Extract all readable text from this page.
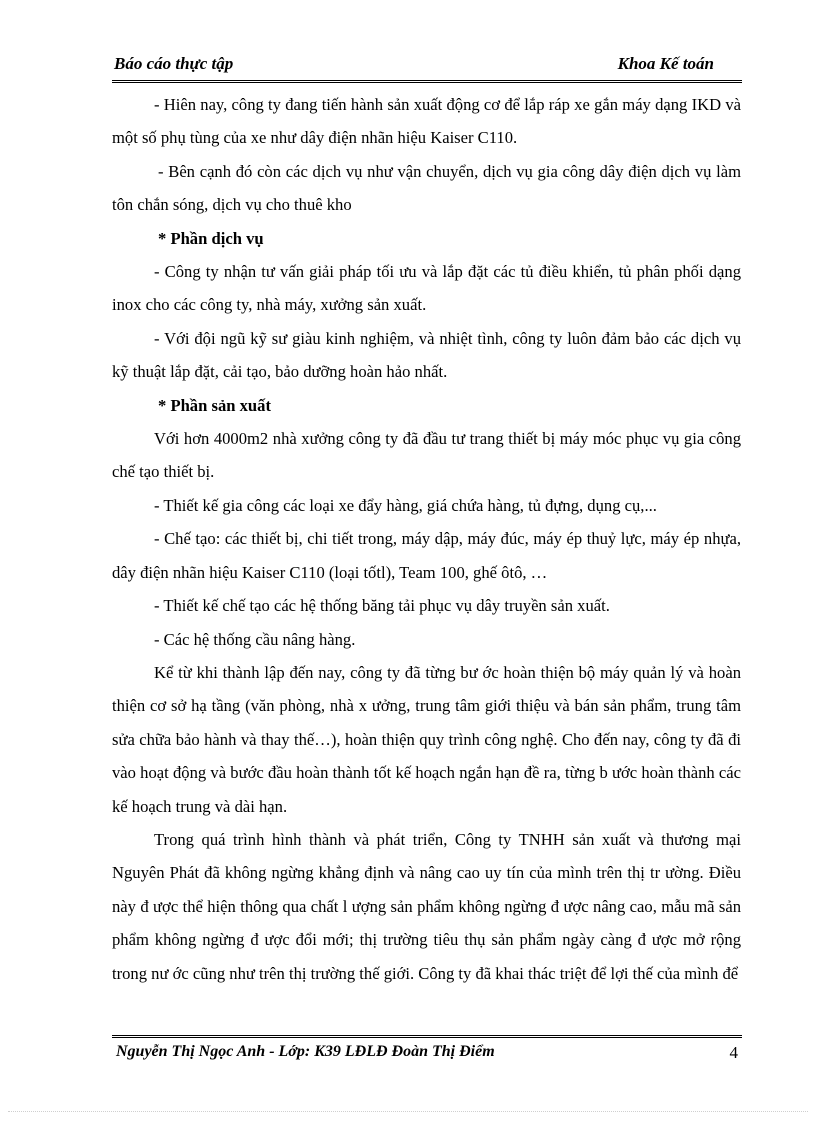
Báo cáo thực tập	Khoa Kế toán

- Hiên nay, công ty đang tiến hành sản xuất động cơ để lắp ráp xe gắn máy dạng IKD và một số phụ tùng của xe như dây điện nhãn hiệu Kaiser C110.

- Bên cạnh đó còn các dịch vụ như vận chuyển, dịch vụ gia công dây điện dịch vụ làm tôn chắn sóng, dịch vụ cho thuê kho

* Phần dịch vụ

- Công ty nhận tư vấn giải pháp tối ưu và lắp đặt các tủ điều khiển, tủ phân phối dạng inox cho các công ty, nhà máy, xưởng sản xuất.

- Với đội ngũ kỹ sư giàu kinh nghiệm, và nhiệt tình, công ty luôn đảm bảo các dịch vụ kỹ thuật lắp đặt, cải tạo, bảo dưỡng hoàn hảo nhất.

* Phần sản xuất

Với hơn 4000m2 nhà xưởng công ty đã đầu tư trang thiết bị máy móc phục vụ gia công chế tạo thiết bị.

- Thiết kế gia công các loại xe đẩy hàng, giá chứa hàng, tủ đựng, dụng cụ,...

- Chế tạo: các thiết bị, chi tiết trong, máy dập, máy đúc, máy ép thuỷ lực, máy ép nhựa, dây điện nhãn hiệu Kaiser C110 (loại tốtl), Team 100, ghế ôtô, …

- Thiết kế chế tạo các hệ thống băng tải phục vụ dây truyền sản xuất.

- Các hệ thống cầu nâng hàng.

Kể từ khi thành lập đến nay, công ty đã từng bư ớc hoàn thiện bộ máy quản lý và hoàn thiện cơ sở hạ tầng (văn phòng, nhà x ưởng, trung tâm giới thiệu và bán sản phẩm, trung tâm sửa chữa bảo hành và thay thế…), hoàn thiện quy trình công nghệ. Cho đến nay, công ty đã đi vào hoạt động và bước đầu hoàn thành tốt kế hoạch ngắn hạn đề ra, từng b ước hoàn thành các kế hoạch trung và dài hạn.

Trong quá trình hình thành và phát triển, Công ty TNHH sản xuất và thương mại Nguyên Phát đã không ngừng khẳng định và nâng cao uy tín của mình trên thị tr ường. Điều này đ ược thể hiện thông qua chất l ượng sản phẩm không ngừng đ ược nâng cao, mẫu mã sản phẩm không ngừng đ ược đổi mới; thị trường tiêu thụ sản phẩm ngày càng đ ược mở rộng trong nư ớc cũng như trên thị trường thế giới. Công ty đã khai thác triệt để lợi thế của mình để

Nguyễn Thị Ngọc Anh - Lớp: K39 LĐLĐ Đoàn Thị Điểm	4
